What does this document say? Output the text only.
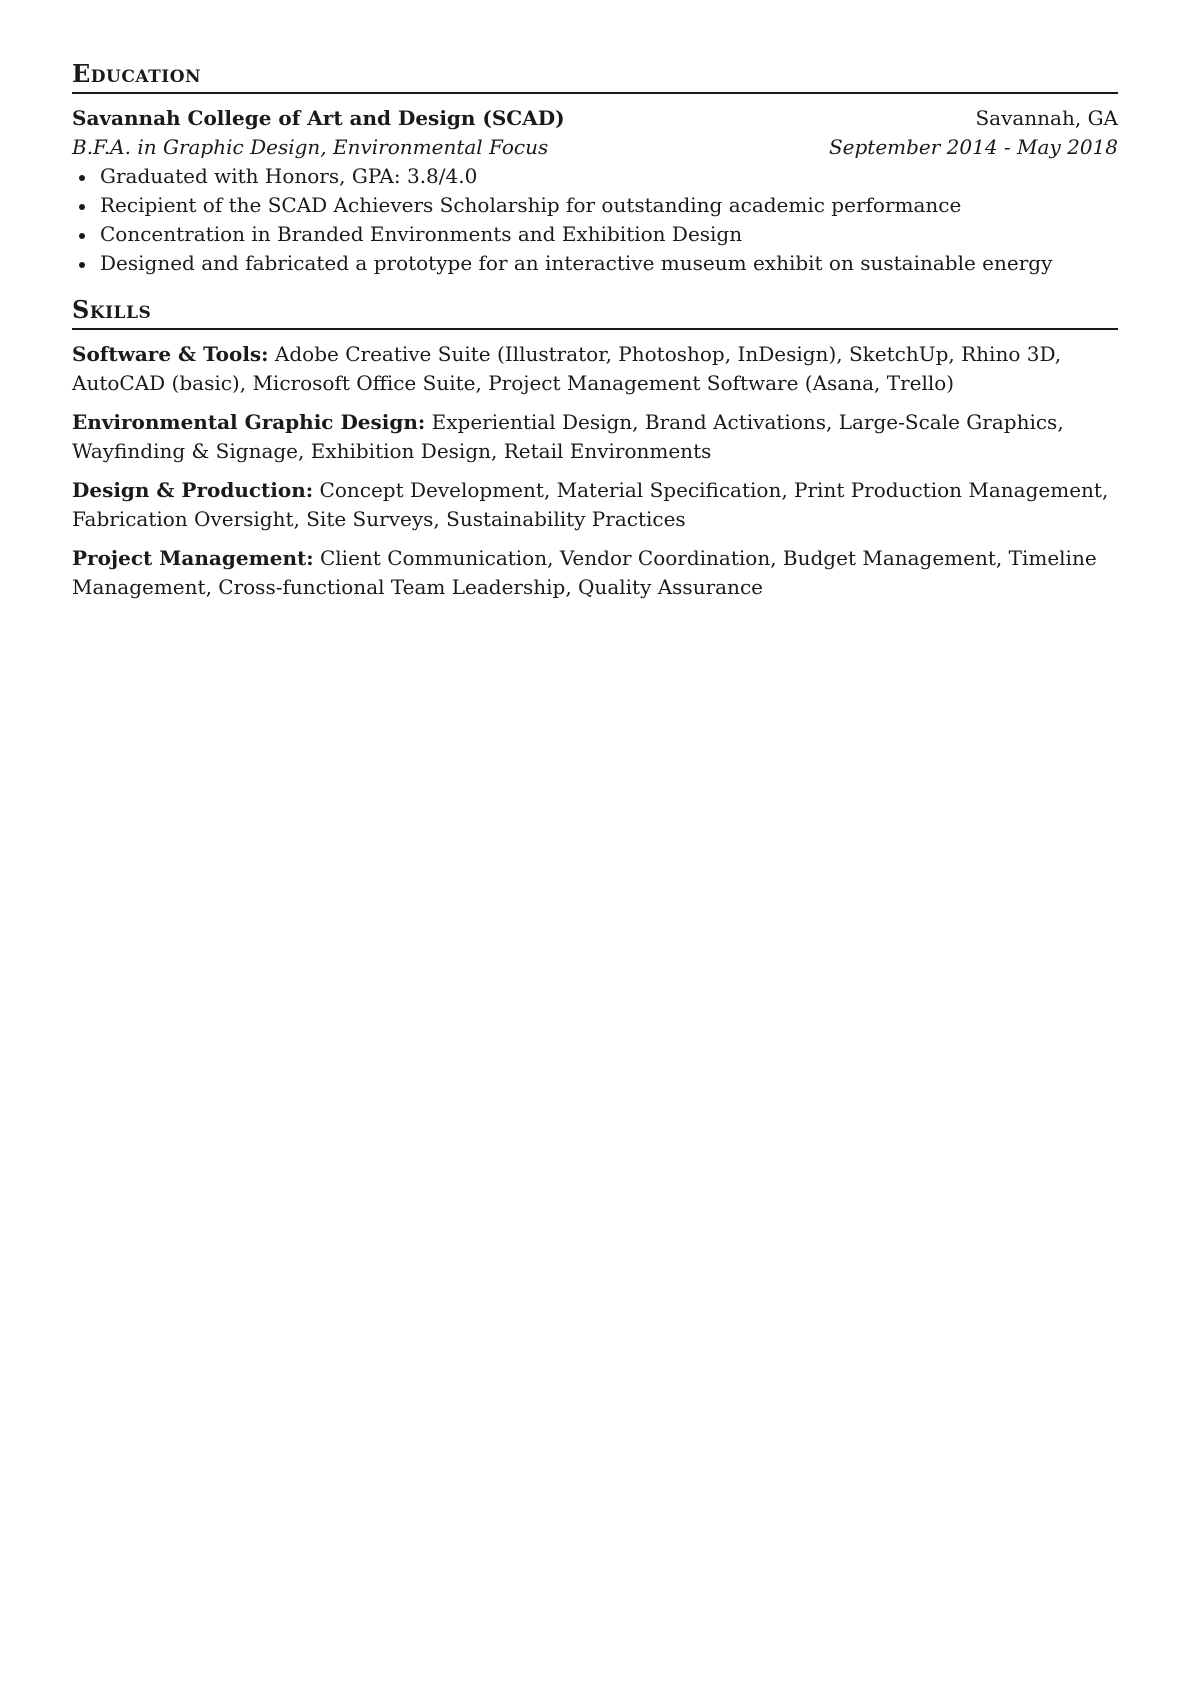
Education
Savannah College of Art and Design (SCAD)	Savannah, GA
B.F.A. in Graphic Design, Environmental Focus	September 2014 - May 2018
Graduated with Honors, GPA: 3.8/4.0
Recipient of the SCAD Achievers Scholarship for outstanding academic performance
Concentration in Branded Environments and Exhibition Design
Designed and fabricated a prototype for an interactive museum exhibit on sustainable energy
Skills

Software & Tools: Adobe Creative Suite (Illustrator, Photoshop, InDesign), SketchUp, Rhino 3D, AutoCAD (basic), Microsoft Office Suite, Project Management Software (Asana, Trello)

Environmental Graphic Design: Experiential Design, Brand Activations, Large-Scale Graphics, Wayfinding & Signage, Exhibition Design, Retail Environments

Design & Production: Concept Development, Material Specification, Print Production Management, Fabrication Oversight, Site Surveys, Sustainability Practices

Project Management: Client Communication, Vendor Coordination, Budget Management, Timeline Management, Cross-functional Team Leadership, Quality Assurance
